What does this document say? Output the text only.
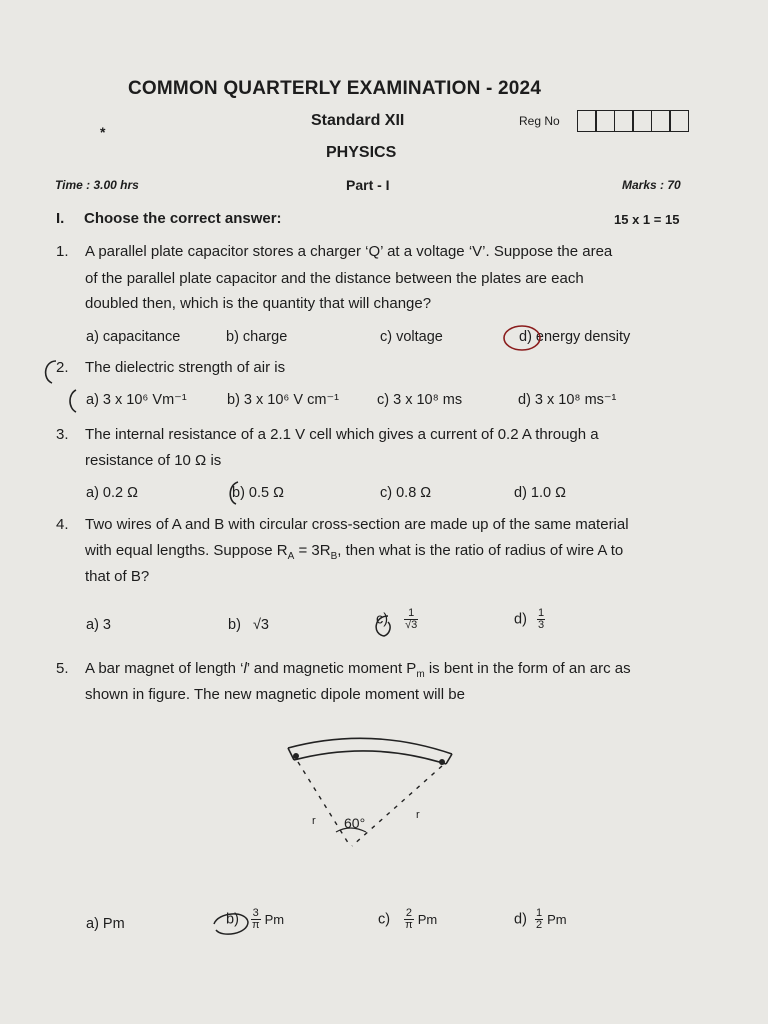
COMMON QUARTERLY EXAMINATION - 2024
*
Standard XII	Reg No
PHYSICS
Time : 3.00 hrs	Part - I	Marks : 70
I. Choose the correct answer:	15 x 1 = 15
1. A parallel plate capacitor stores a charger ‘Q’ at a voltage ‘V’. Suppose the area
of the parallel plate capacitor and the distance between the plates are each
doubled then, which is the quantity that will change?
a) capacitance	b) charge	c) voltage	d) energy density
2. The dielectric strength of air is
a) 3 x 10⁶ Vm⁻¹	b) 3 x 10⁶ V cm⁻¹	c) 3 x 10⁸ ms	d) 3 x 10⁸ ms⁻¹
3. The internal resistance of a 2.1 V cell which gives a current of 0.2 A through a
resistance of 10 Ω is
a) 0.2 Ω	b) 0.5 Ω	c) 0.8 Ω	d) 1.0 Ω
4. Two wires of A and B with circular cross-section are made up of the same material
with equal lengths. Suppose $R_A = 3R_B$, then what is the ratio of radius of wire A to
that of B?
a) 3	b) √3	$c) \frac{1}{√3}$	$d) \frac{1}{3}$
5. A bar magnet of length ‘l’ and magnetic moment $P_m$ is bent in the form of an arc as
shown in figure. The new magnetic dipole moment will be
60°
r	r
a) Pm	$b) \frac{3}{\pi}$ Pm	$c) \frac{2}{\pi}$ Pm	$d) \frac{1}{2}$ Pm
